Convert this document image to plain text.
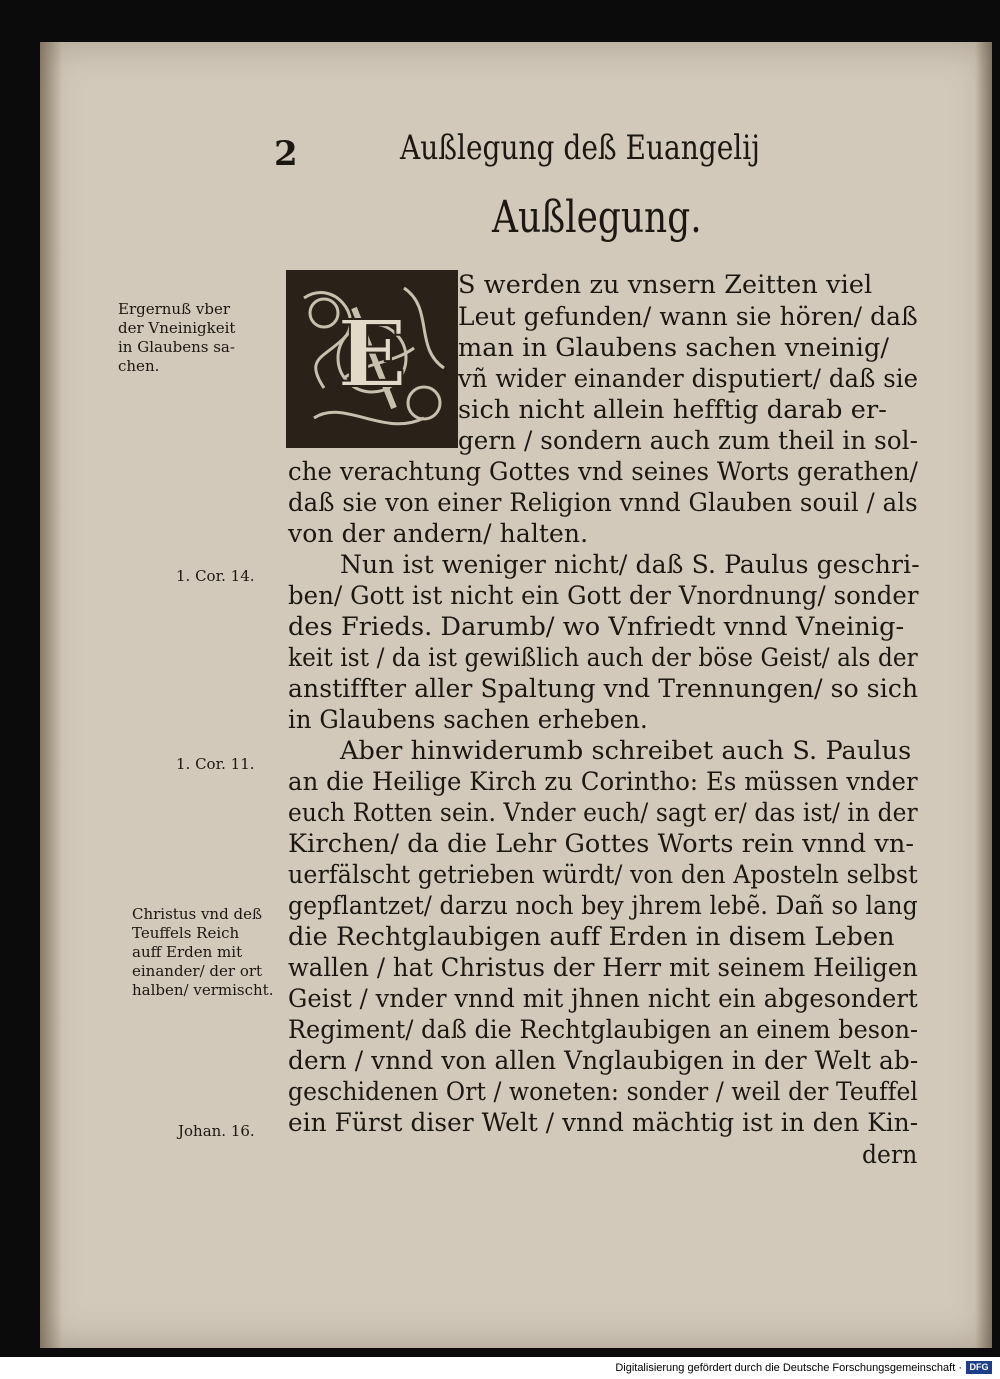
2	Außlegung deß Euangelij
Außlegung.
E
S werden zu vnsern Zeitten viel
Leut gefunden/ wann sie hören/ daß
man in Glaubens sachen vneinig/
vñ wider einander disputiert/ daß sie
sich nicht allein hefftig darab er-
gern / sondern auch zum theil in sol-
che verachtung Gottes vnd seines Worts gerathen/
daß sie von einer Religion vnnd Glauben souil / als
von der andern/ halten.
Nun ist weniger nicht/ daß S. Paulus geschri-
ben/ Gott ist nicht ein Gott der Vnordnung/ sonder
des Frieds. Darumb/ wo Vnfriedt vnnd Vneinig-
keit ist / da ist gewißlich auch der böse Geist/ als der
anstiffter aller Spaltung vnd Trennungen/ so sich
in Glaubens sachen erheben.
Aber hinwiderumb schreibet auch S. Paulus
an die Heilige Kirch zu Corintho: Es müssen vnder
euch Rotten sein. Vnder euch/ sagt er/ das ist/ in der
Kirchen/ da die Lehr Gottes Worts rein vnnd vn-
uerfälscht getrieben würdt/ von den Aposteln selbst
gepflantzet/ darzu noch bey jhrem lebẽ. Dañ so lang
die Rechtglaubigen auff Erden in disem Leben
wallen / hat Christus der Herr mit seinem Heiligen
Geist / vnder vnnd mit jhnen nicht ein abgesondert
Regiment/ daß die Rechtglaubigen an einem beson-
dern / vnnd von allen Vnglaubigen in der Welt ab-
geschidenen Ort / woneten: sonder / weil der Teuffel
ein Fürst diser Welt / vnnd mächtig ist in den Kin-
dern
Ergernuß vber
der Vneinigkeit
in Glaubens sa-
chen.
1. Cor. 14.
1. Cor. 11.
Christus vnd deß
Teuffels Reich
auff Erden mit
einander/ der ort
halben/ vermischt.
Johan. 16.
Digitalisierung gefördert durch die Deutsche Forschungsgemeinschaft · DFG
